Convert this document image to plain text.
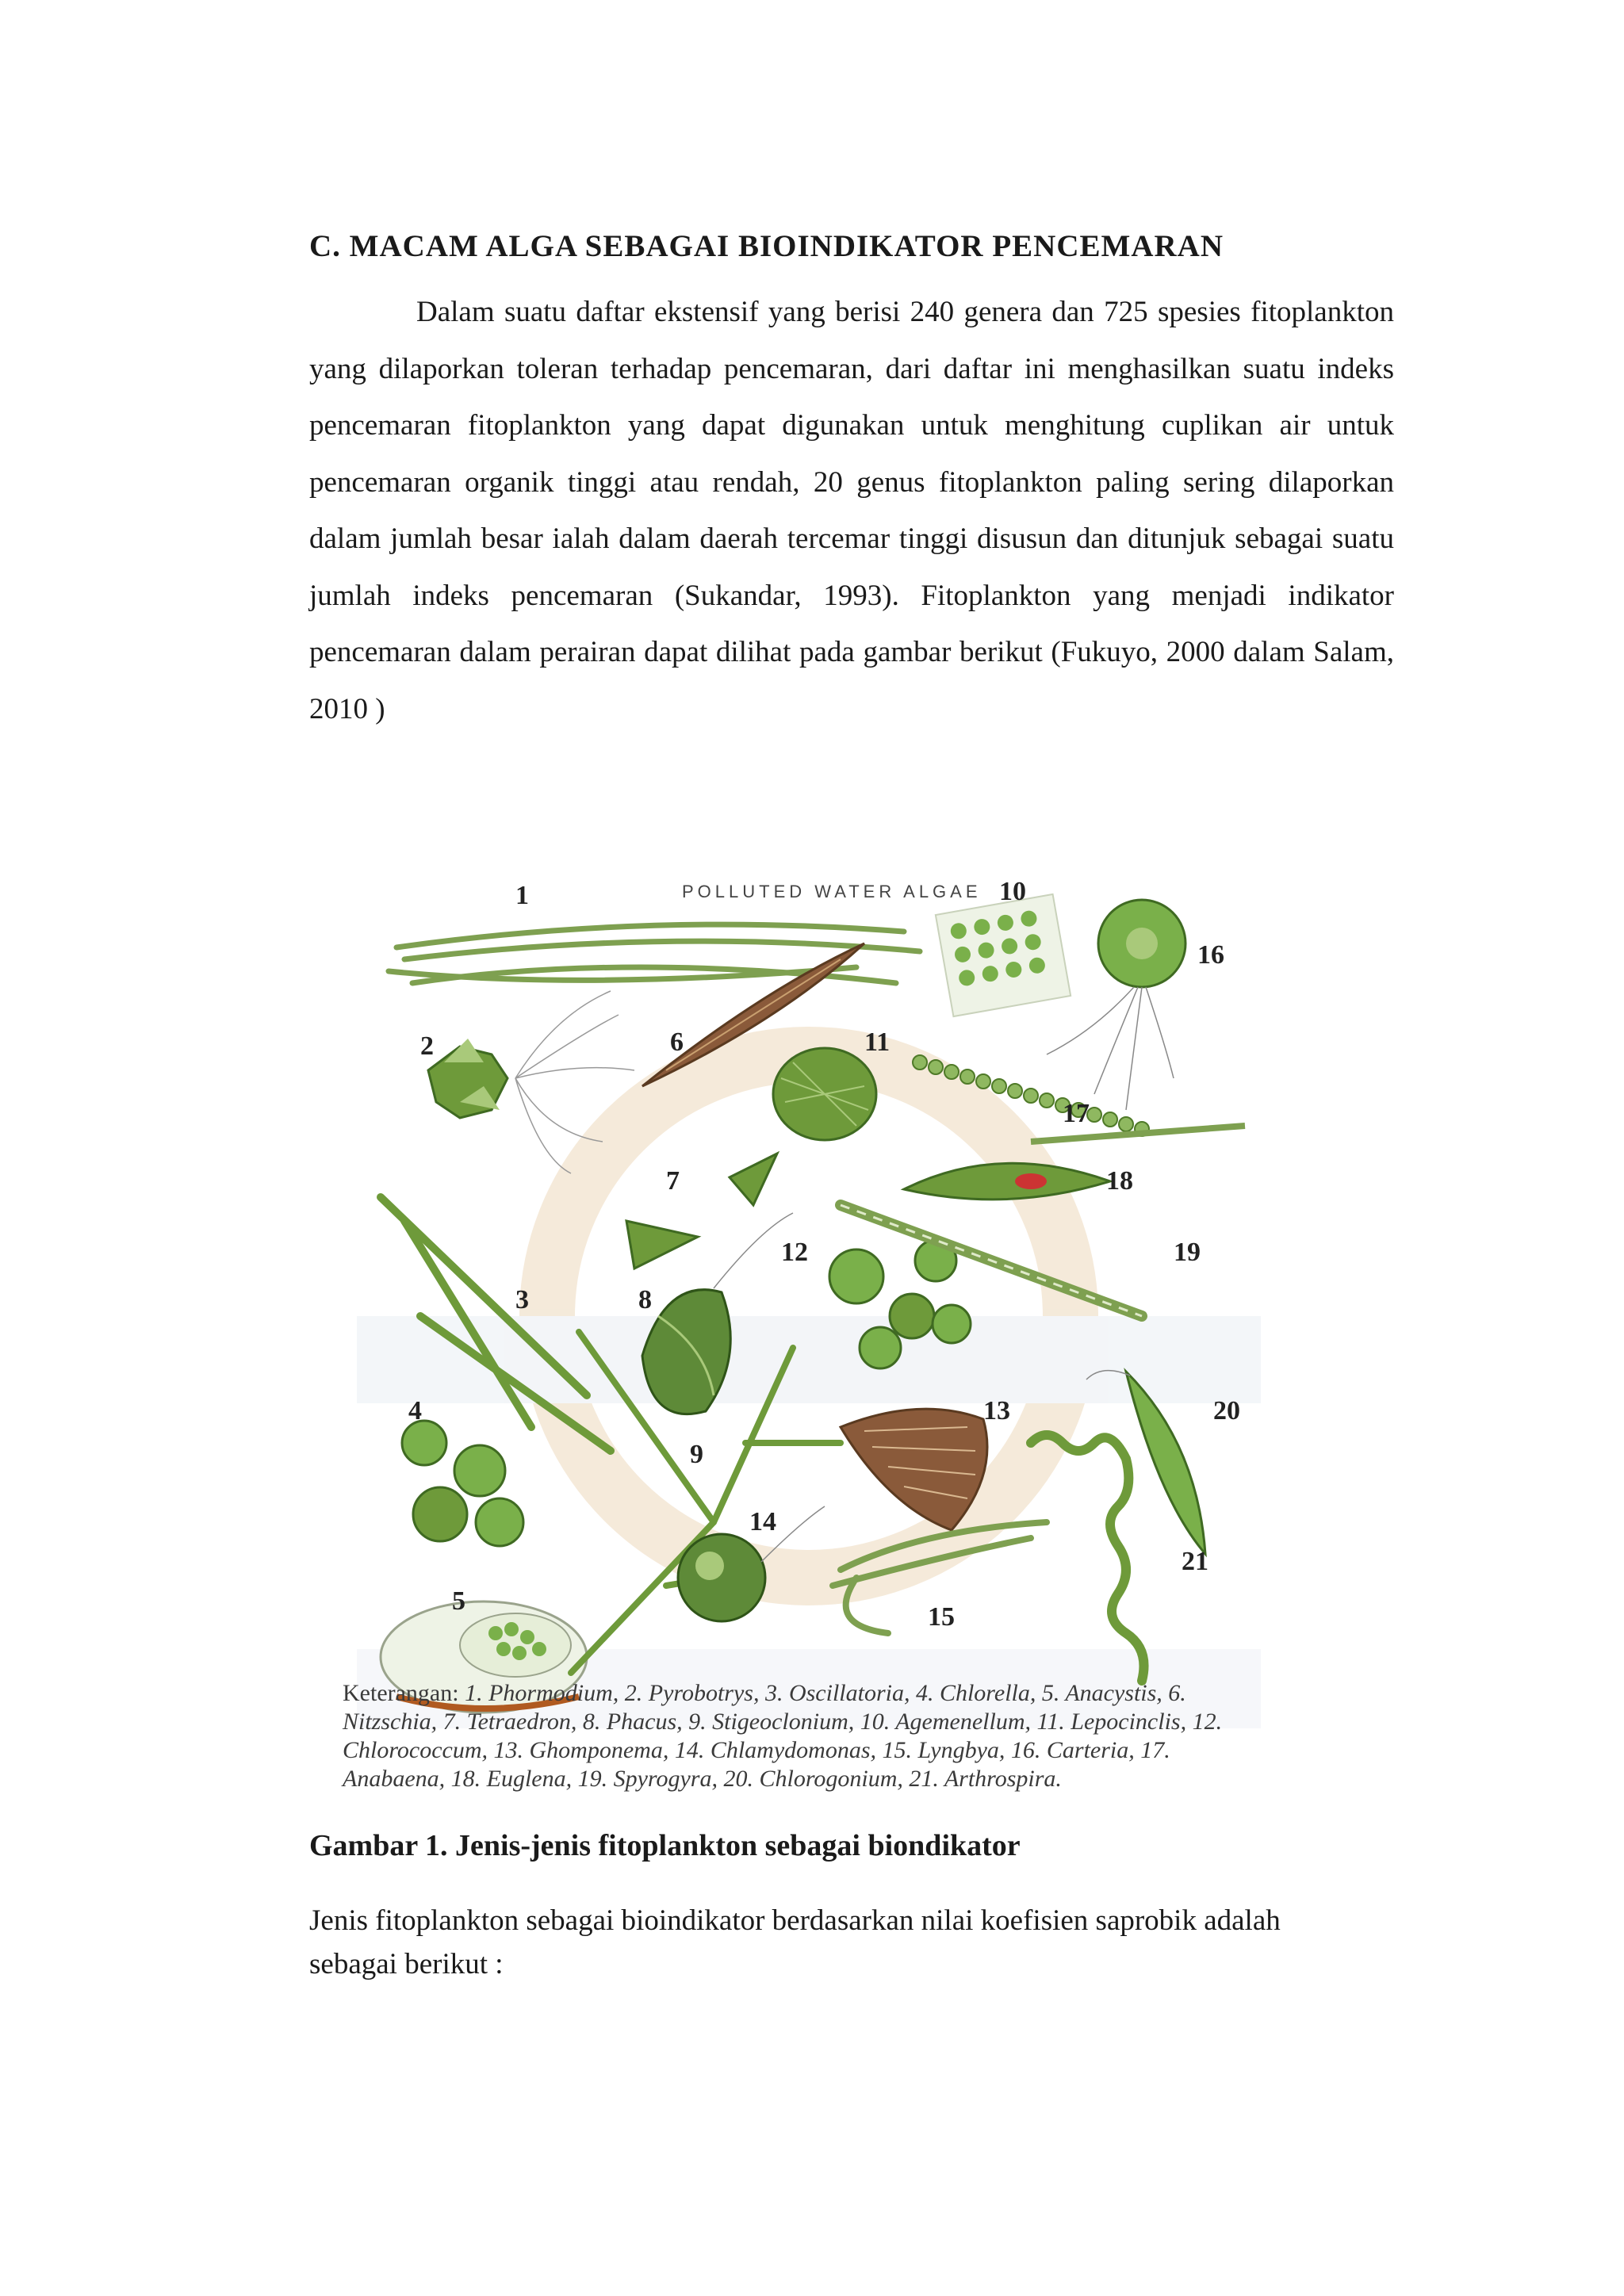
C. MACAM ALGA SEBAGAI BIOINDIKATOR PENCEMARAN
Dalam suatu daftar ekstensif yang berisi 240 genera dan 725 spesies fitoplankton yang dilaporkan toleran terhadap pencemaran, dari daftar ini menghasilkan suatu indeks pencemaran fitoplankton yang dapat digunakan untuk menghitung cuplikan air untuk pencemaran organik tinggi atau rendah, 20 genus fitoplankton paling sering dilaporkan dalam jumlah besar ialah dalam daerah tercemar tinggi disusun dan ditunjuk sebagai suatu jumlah indeks pencemaran (Sukandar, 1993). Fitoplankton yang menjadi indikator pencemaran dalam perairan dapat dilihat pada gambar berikut (Fukuyo, 2000 dalam Salam, 2010 )
POLLUTED WATER ALGAE
1
2
3
4
5
6
7
8
9
10
11
12
13
14
15
16
17
18
19
20
21
Keterangan: 1. Phormodium, 2. Pyrobotrys, 3. Oscillatoria, 4. Chlorella, 5. Anacystis, 6. Nitzschia, 7. Tetraedron, 8. Phacus, 9. Stigeoclonium, 10. Agemenellum, 11. Lepocinclis, 12. Chlorococcum, 13. Ghomponema, 14. Chlamydomonas, 15. Lyngbya, 16. Carteria, 17. Anabaena, 18. Euglena, 19. Spyrogyra, 20. Chlorogonium, 21. Arthrospira.
Gambar 1. Jenis-jenis fitoplankton sebagai biondikator
Jenis fitoplankton sebagai bioindikator berdasarkan nilai koefisien saprobik adalah sebagai berikut :
